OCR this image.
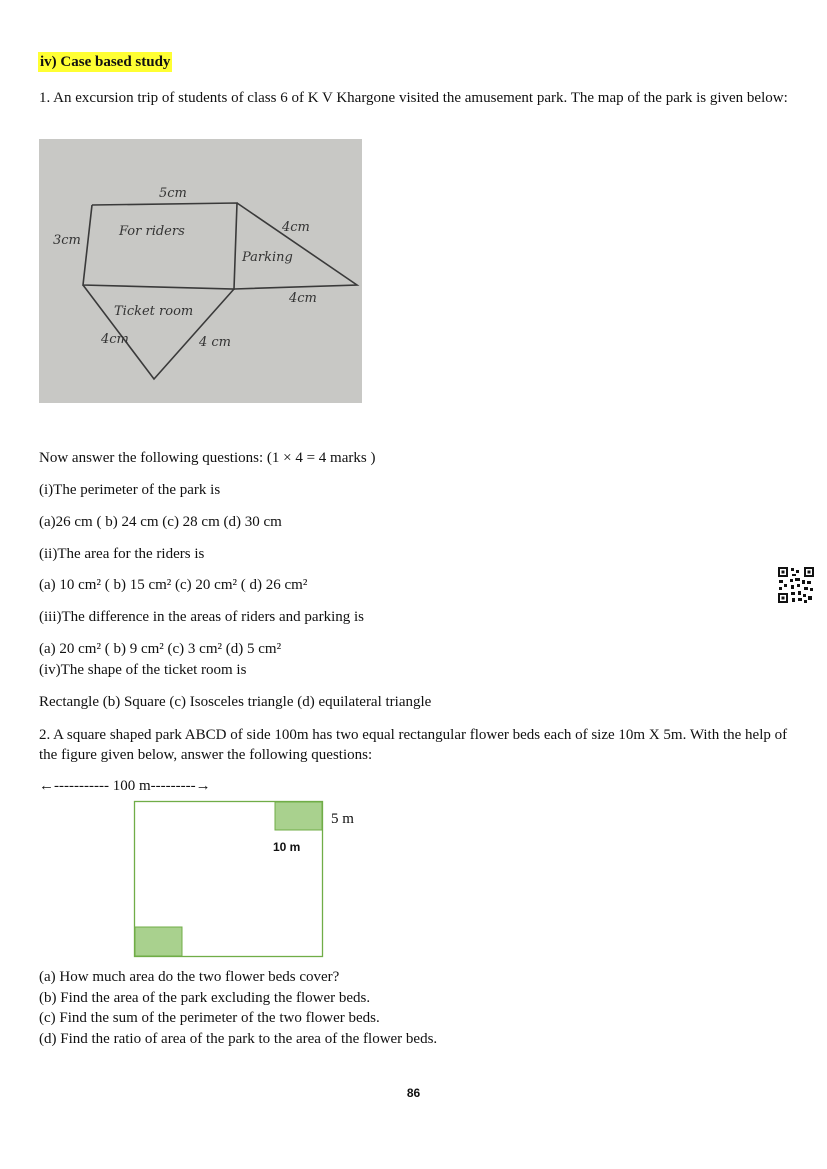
iv) Case based study
1. An excursion trip of students of class 6 of K V Khargone visited the amusement park. The map of the park is given below:
5cm
3cm
For riders	4cm
Parking
4cm
Ticket room
4cm	4 cm
Now answer the following questions: (1 × 4 = 4 marks )
(i)The perimeter of the park is
(a)26 cm ( b) 24 cm (c) 28 cm (d) 30 cm
(ii)The area for the riders is
(a) 10 cm² ( b) 15 cm² (c) 20 cm² ( d) 26 cm²
(iii)The difference in the areas of riders and parking is
(a) 20 cm² ( b) 9 cm² (c) 3 cm² (d) 5 cm²
(iv)The shape of the ticket room is
Rectangle (b) Square (c) Isosceles triangle (d) equilateral triangle
2. A square shaped park ABCD of side 100m has two equal rectangular flower beds each of size 10m X 5m. With the help of the figure given below, answer the following questions:
←----------- 100 m---------→
5 m
10 m
(a) How much area do the two flower beds cover?
(b) Find the area of the park excluding the flower beds.
(c) Find the sum of the perimeter of the two flower beds.
(d) Find the ratio of area of the park to the area of the flower beds.
86
